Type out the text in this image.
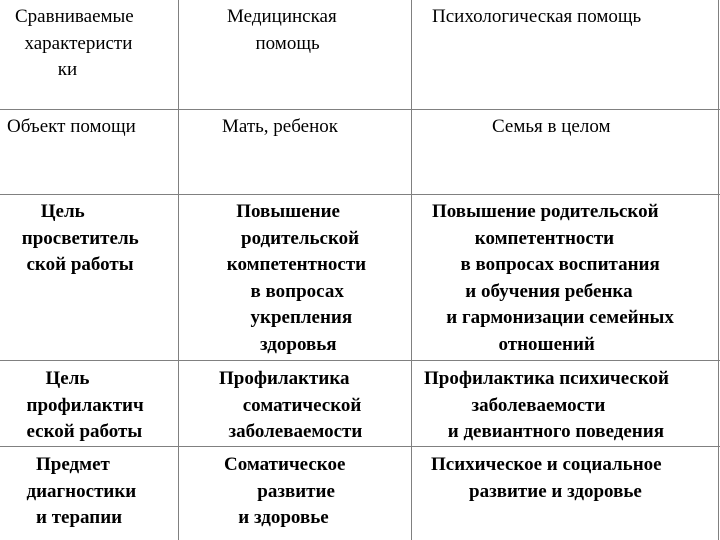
Сравниваемые
характеристи
ки
Медицинская
помощь
Психологическая помощь
Объект помощи	Мать, ребенок	Семья в целом
Цель
просветитель
ской работы
Повышение
родительской
компетентности
в вопросах
укрепления
здоровья
Повышение родительской
компетентности
в вопросах воспитания
и обучения ребенка
и гармонизации семейных
отношений
Цель
профилактич
еской работы
Профилактика
соматической
заболеваемости
Профилактика психической
заболеваемости
и девиантного поведения
Предмет
диагностики
и терапии
Соматическое
развитие
и здоровье
Психическое и социальное
развитие и здоровье
